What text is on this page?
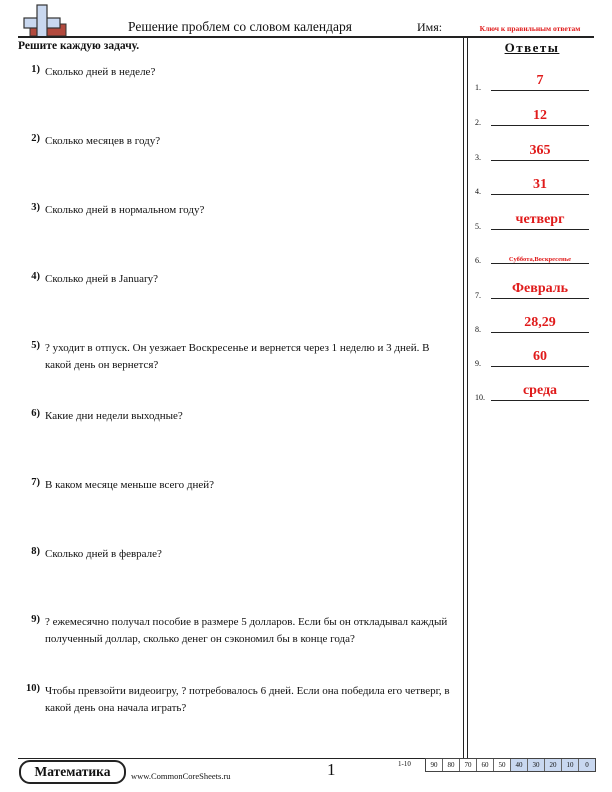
Решение проблем со словом календаря	Имя:	Ключ к правильным ответам
Решите каждую задачу.	Ответы
1) Сколько дней в неделе?
2) Сколько месяцев в году?
3) Сколько дней в нормальном году?
4) Сколько дней в January?
5) ? уходит в отпуск. Он уезжает Воскресенье и вернется через 1 неделю и 3 дней. В какой день он вернется?
6) Какие дни недели выходные?
7) В каком месяце меньше всего дней?
8) Сколько дней в феврале?
9) ? ежемесячно получал пособие в размере 5 долларов. Если бы он откладывал каждый полученный доллар, сколько денег он сэкономил бы в конце года?
10) Чтобы превзойти видеоигру, ? потребовалось 6 дней. Если она победила его четверг, в какой день она начала играть?
1.	7
2.	12
3.	365
4.	31
5.	четверг
6.	Суббота,Воскресенье
7.	Февраль
8.	28,29
9.	60
10.	среда
Математика	www.CommonCoreSheets.ru	1	1-10	90	80	70	60	50	40	30	20	10	0
